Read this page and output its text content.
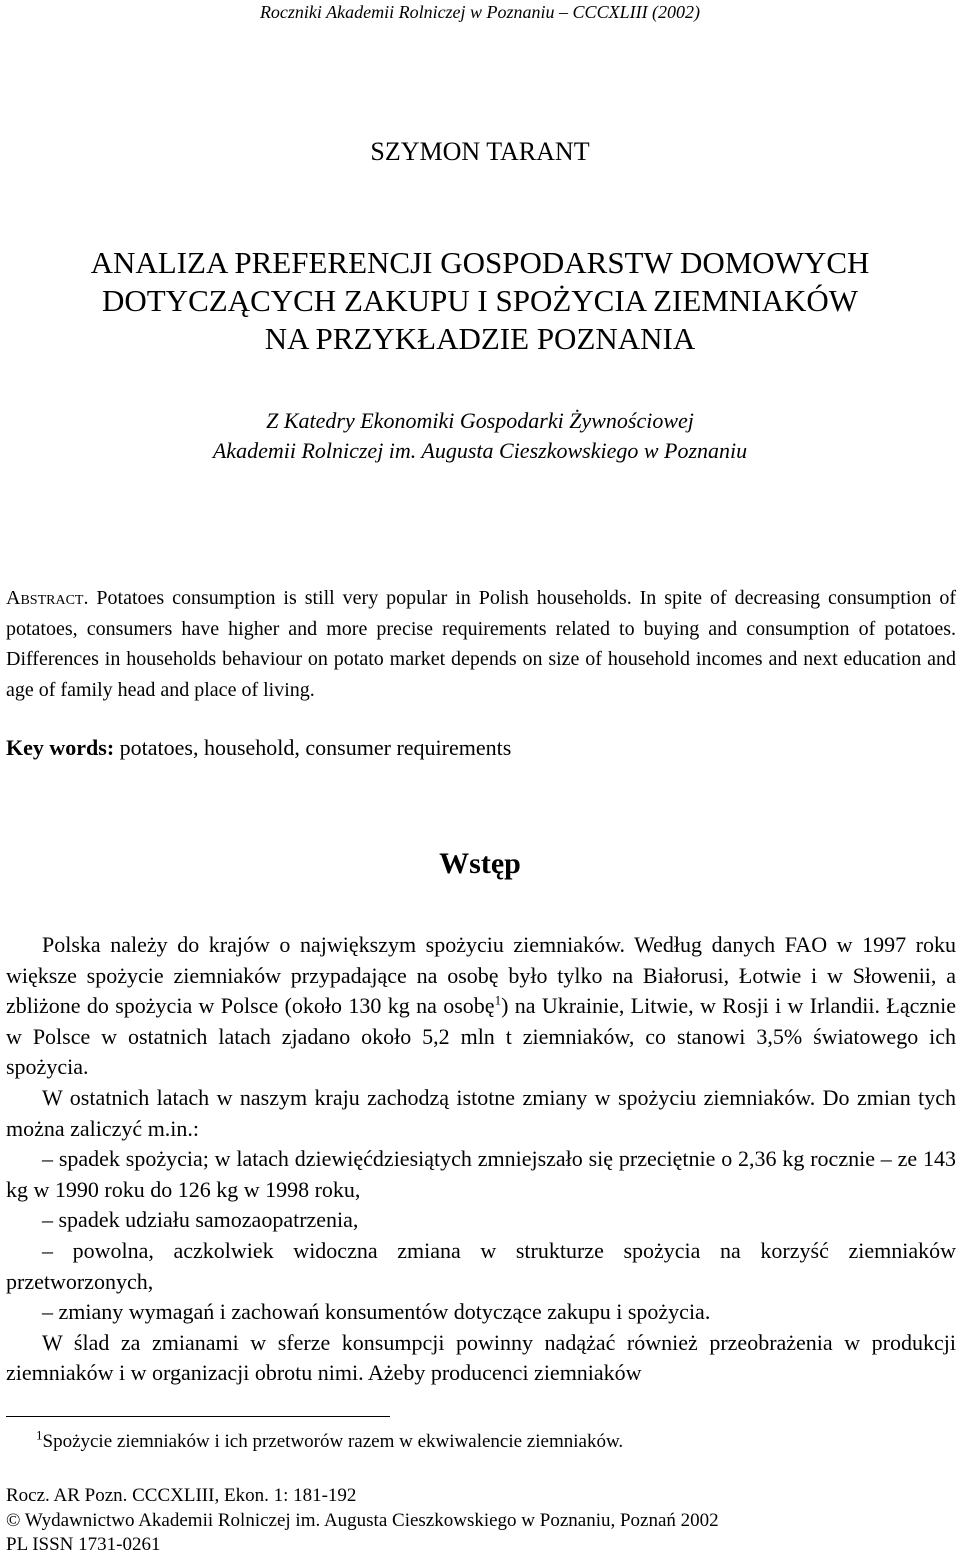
Roczniki Akademii Rolniczej w Poznaniu – CCCXLIII (2002)
SZYMON TARANT
ANALIZA PREFERENCJI GOSPODARSTW DOMOWYCH
DOTYCZĄCYCH ZAKUPU I SPOŻYCIA ZIEMNIAKÓW
NA PRZYKŁADZIE POZNANIA
Z Katedry Ekonomiki Gospodarki Żywnościowej
Akademii Rolniczej im. Augusta Cieszkowskiego w Poznaniu

Abstract. Potatoes consumption is still very popular in Polish households. In spite of decreasing consumption of potatoes, consumers have higher and more precise requirements related to buying and consumption of potatoes. Differences in households behaviour on potato market depends on size of household incomes and next education and age of family head and place of living.

Key words: potatoes, household, consumer requirements

Wstęp

Polska należy do krajów o największym spożyciu ziemniaków. Według danych FAO w 1997 roku większe spożycie ziemniaków przypadające na osobę było tylko na Białorusi, Łotwie i w Słowenii, a zbliżone do spożycia w Polsce (około 130 kg na osobę$^1$) na Ukrainie, Litwie, w Rosji i w Irlandii. Łącznie w Polsce w ostatnich latach zjadano około 5,2 mln t ziemniaków, co stanowi 3,5% światowego ich spożycia.

W ostatnich latach w naszym kraju zachodzą istotne zmiany w spożyciu ziemniaków. Do zmian tych można zaliczyć m.in.:

– spadek spożycia; w latach dziewięćdziesiątych zmniejszało się przeciętnie o 2,36 kg rocznie – ze 143 kg w 1990 roku do 126 kg w 1998 roku,

– spadek udziału samozaopatrzenia,

– powolna, aczkolwiek widoczna zmiana w strukturze spożycia na korzyść ziemniaków przetworzonych,

– zmiany wymagań i zachowań konsumentów dotyczące zakupu i spożycia.

W ślad za zmianami w sferze konsumpcji powinny nadążać również przeobrażenia w produkcji ziemniaków i w organizacji obrotu nimi. Ażeby producenci ziemniaków

$^1$Spożycie ziemniaków i ich przetworów razem w ekwiwalencie ziemniaków.

Rocz. AR Pozn. CCCXLIII, Ekon. 1: 181-192
© Wydawnictwo Akademii Rolniczej im. Augusta Cieszkowskiego w Poznaniu, Poznań 2002
PL ISSN 1731-0261
